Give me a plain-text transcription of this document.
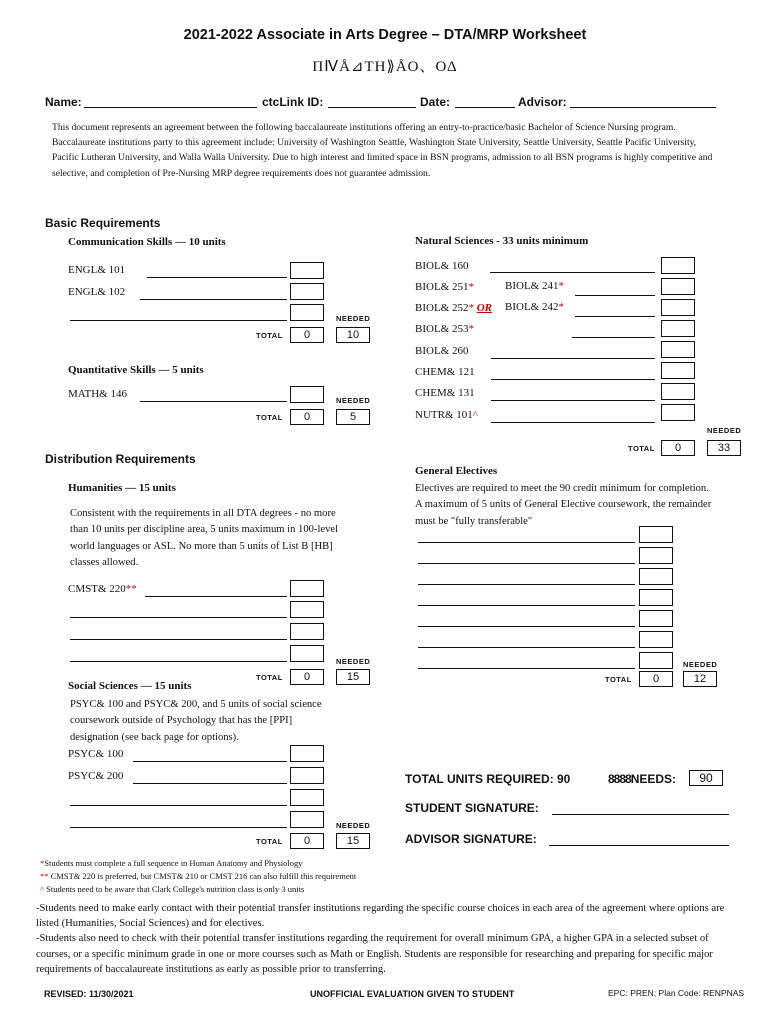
2021-2022 Associate in Arts Degree – DTA/MRP Worksheet
ПⅣÅ⊿ΤΗ⟫ÅΟ、ΟΔ
Name:	ctcLink ID:	Date:	Advisor:
This document represents an agreement between the following baccalaureate institutions offering an entry-to-practice/basic Bachelor of Science Nursing program. Baccalaureate institutions party to this agreement include: University of Washington Seattle, Washington State University, Seattle University, Seattle Pacific University, Pacific Lutheran University, and Walla Walla University. Due to high interest and limited space in BSN programs, admission to all BSN programs is highly competitive and selective, and completion of Pre-Nursing MRP degree requirements does not guarantee admission.
Basic Requirements
Communication Skills — 10 units
ENGL& 101
ENGL& 102
NEEDED
TOTAL	0	10
Quantitative Skills — 5 units
MATH& 146
NEEDED
TOTAL	0	5
Natural Sciences - 33 units minimum
BIOL& 160
BIOL& 251*	BIOL& 241*
BIOL& 252* OR BIOL& 242*
BIOL& 253*
BIOL& 260
CHEM& 121
CHEM& 131
NUTR& 101^
NEEDED
TOTAL	0	33
Distribution Requirements
Humanities — 15 units
Consistent with the requirements in all DTA degrees - no more than 10 units per discipline area, 5 units maximum in 100-level world languages or ASL. No more than 5 units of List B [HB] classes allowed.
CMST& 220**
NEEDED
TOTAL	0	15
Social Sciences — 15 units
PSYC& 100 and PSYC& 200, and 5 units of social science coursework outside of Psychology that has the [PPI] designation (see back page for options).
PSYC& 100
PSYC& 200
NEEDED
TOTAL	0	15
General Electives
Electives are required to meet the 90 credit minimum for completion. A maximum of 5 units of General Elective coursework, the remainder must be "fully transferable"
NEEDED
TOTAL	0	12
TOTAL UNITS REQUIRED: 90	8888NEEDS:	90
STUDENT SIGNATURE:
ADVISOR SIGNATURE:
*Students must complete a full sequence in Human Anatomy and Physiology
** CMST& 220 is preferred, but CMST& 210 or CMST 216 can also fulfill this requirement
^ Students need to be aware that Clark College's nutrition class is only 3 units
-Students need to make early contact with their potential transfer institutions regarding the specific course choices in each area of the agreement where options are listed (Humanities, Social Sciences) and for electives.
-Students also need to check with their potential transfer institutions regarding the requirement for overall minimum GPA, a higher GPA in a selected subset of courses, or a specific minimum grade in one or more courses such as Math or English. Students are responsible for researching and preparing for specific major requirements of baccalaureate institutions as early as possible prior to transferring.
REVISED: 11/30/2021	UNOFFICIAL EVALUATION GIVEN TO STUDENT	EPC: PREN; Plan Code: RENPNAS
